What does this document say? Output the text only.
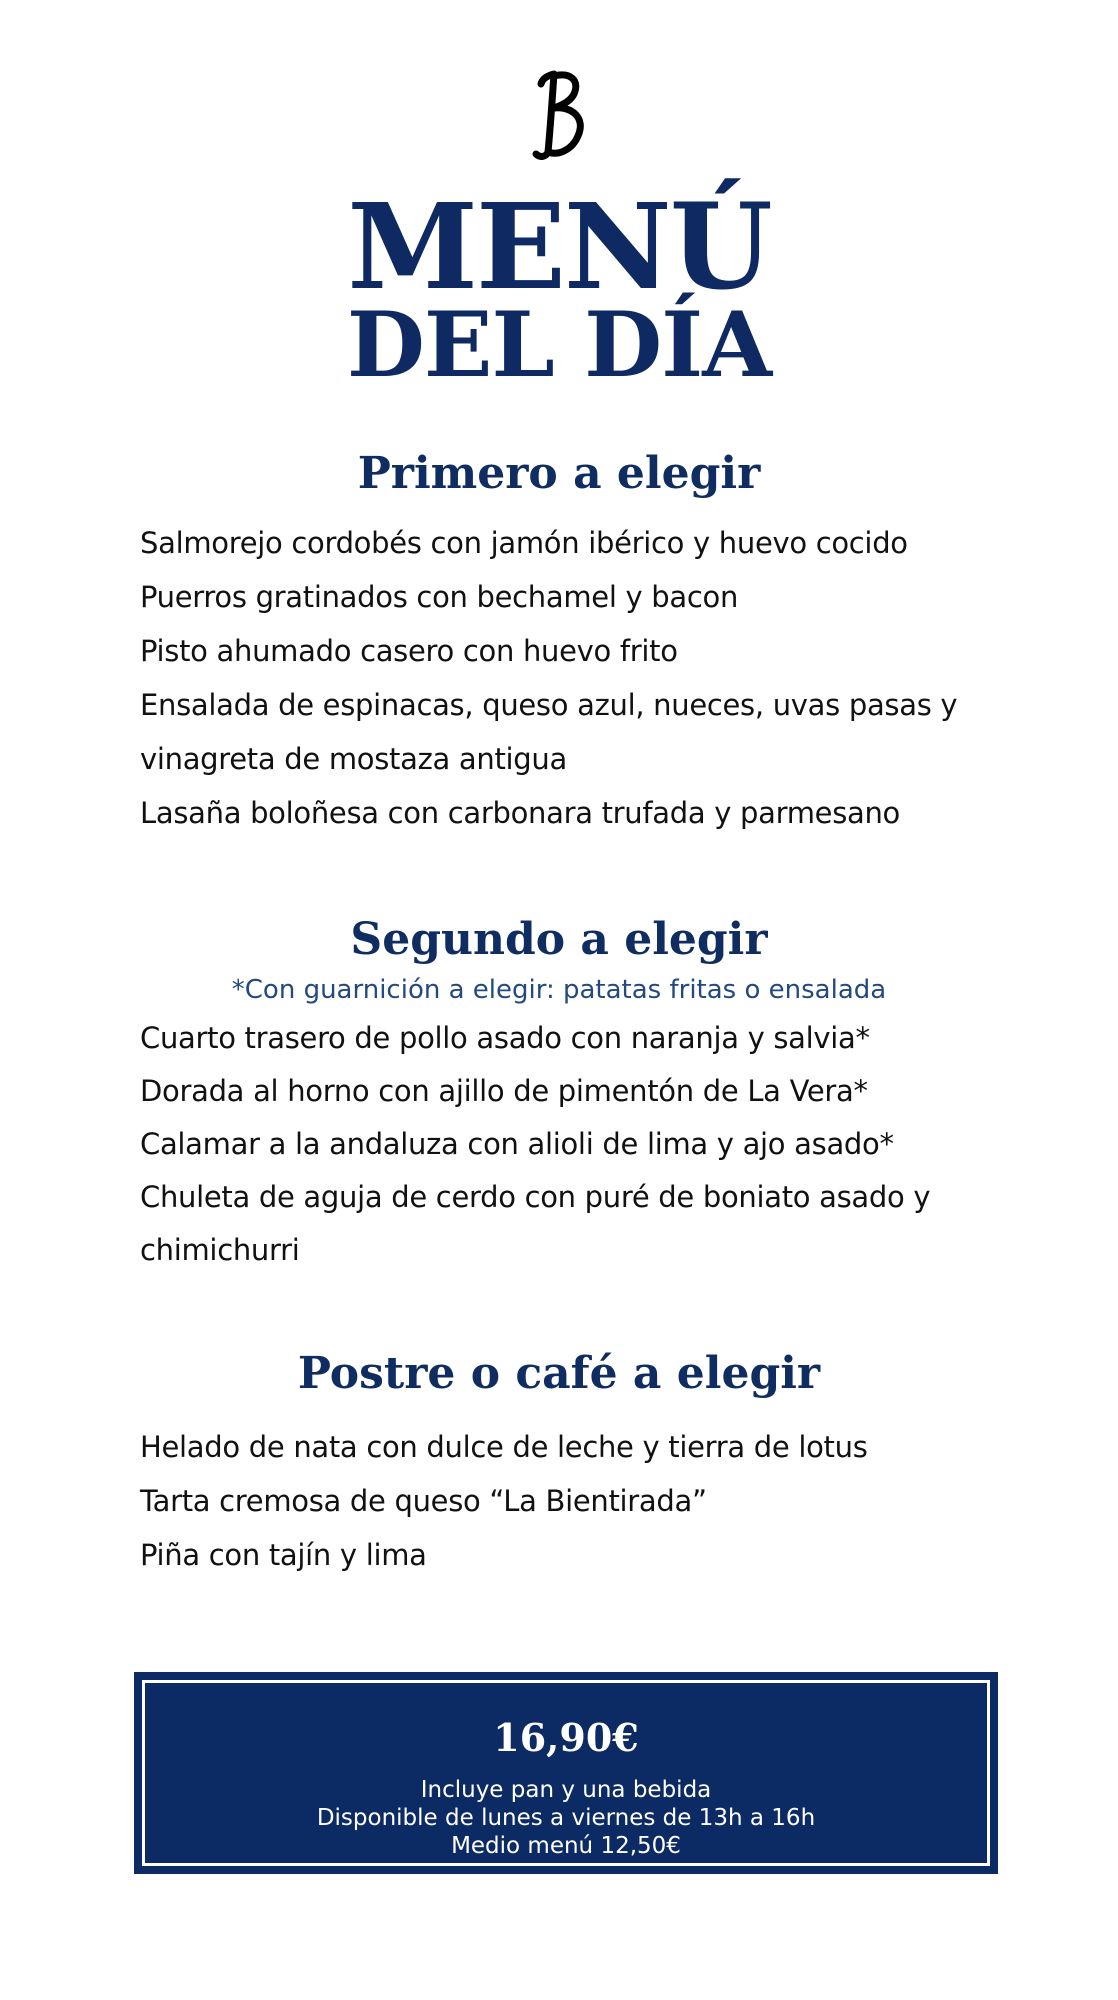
MENÚ
DEL DÍA
Primero a elegir
Salmorejo cordobés con jamón ibérico y huevo cocido
Puerros gratinados con bechamel y bacon
Pisto ahumado casero con huevo frito
Ensalada de espinacas, queso azul, nueces, uvas pasas y
vinagreta de mostaza antigua
Lasaña boloñesa con carbonara trufada y parmesano
Segundo a elegir
*Con guarnición a elegir: patatas fritas o ensalada
Cuarto trasero de pollo asado con naranja y salvia*
Dorada al horno con ajillo de pimentón de La Vera*
Calamar a la andaluza con alioli de lima y ajo asado*
Chuleta de aguja de cerdo con puré de boniato asado y
chimichurri
Postre o café a elegir
Helado de nata con dulce de leche y tierra de lotus
Tarta cremosa de queso “La Bientirada”
Piña con tajín y lima
16,90€
Incluye pan y una bebida
Disponible de lunes a viernes de 13h a 16h
Medio menú 12,50€
